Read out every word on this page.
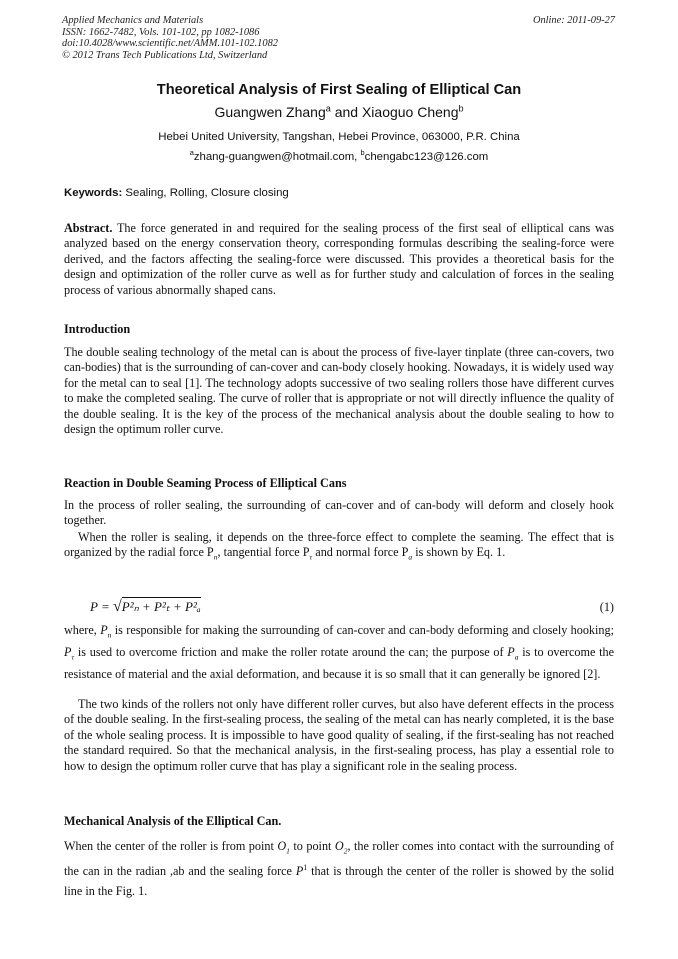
Applied Mechanics and Materials
ISSN: 1662-7482, Vols. 101-102, pp 1082-1086
doi:10.4028/www.scientific.net/AMM.101-102.1082
© 2012 Trans Tech Publications Ltd, Switzerland
Online: 2011-09-27
Theoretical Analysis of First Sealing of Elliptical Can
Guangwen Zhang$^a$ and Xiaoguo Cheng$^b$
Hebei United University, Tangshan, Hebei Province, 063000, P.R. China
$^a$zhang-guangwen@hotmail.com, $^b$chengabc123@126.com
Keywords: Sealing, Rolling, Closure closing
Abstract. The force generated in and required for the sealing process of the first seal of elliptical cans was analyzed based on the energy conservation theory, corresponding formulas describing the sealing-force were derived, and the factors affecting the sealing-force were discussed. This provides a theoretical basis for the design and optimization of the roller curve as well as for further study and calculation of forces in the sealing process of various abnormally shaped cans.
Introduction
The double sealing technology of the metal can is about the process of five-layer tinplate (three can-covers, two can-bodies) that is the surrounding of can-cover and can-body closely hooking. Nowadays, it is widely used way for the metal can to seal [1]. The technology adopts successive of two sealing rollers those have different curves to make the completed sealing. The curve of roller that is appropriate or not will directly influence the quality of the double sealing. It is the key of the process of the mechanical analysis about the double sealing to how to design the optimum roller curve.
Reaction in Double Seaming Process of Elliptical Cans
In the process of roller sealing, the surrounding of can-cover and of can-body will deform and closely hook together.
When the roller is sealing, it depends on the three-force effect to complete the seaming. The effect that is organized by the radial force $P_n$, tangential force $P_\tau$ and normal force $P_a$ is shown by Eq. 1.
P = √P²ₙ + P²ₜ + P²ₐ	(1)
where, $P_n$ is responsible for making the surrounding of can-cover and can-body deforming and closely hooking; $P_\tau$ is used to overcome friction and make the roller rotate around the can; the purpose of $P_a$ is to overcome the resistance of material and the axial deformation, and because it is so small that it can generally be ignored [2].
The two kinds of the rollers not only have different roller curves, but also have deferent effects in the process of the double sealing. In the first-sealing process, the sealing of the metal can has nearly completed, it is the base of the whole sealing process. It is impossible to have good quality of sealing, if the first-sealing has not reached the standard required. So that the mechanical analysis, in the first-sealing process, has play a essential role to how to design the optimum roller curve that has play a significant role in the sealing process.
Mechanical Analysis of the Elliptical Can.
When the center of the roller is from point $O_1$ to point $O_2$, the roller comes into contact with the surrounding of the can in the radian ,ab and the sealing force $P^1$ that is through the center of the roller is showed by the solid line in the Fig. 1.
